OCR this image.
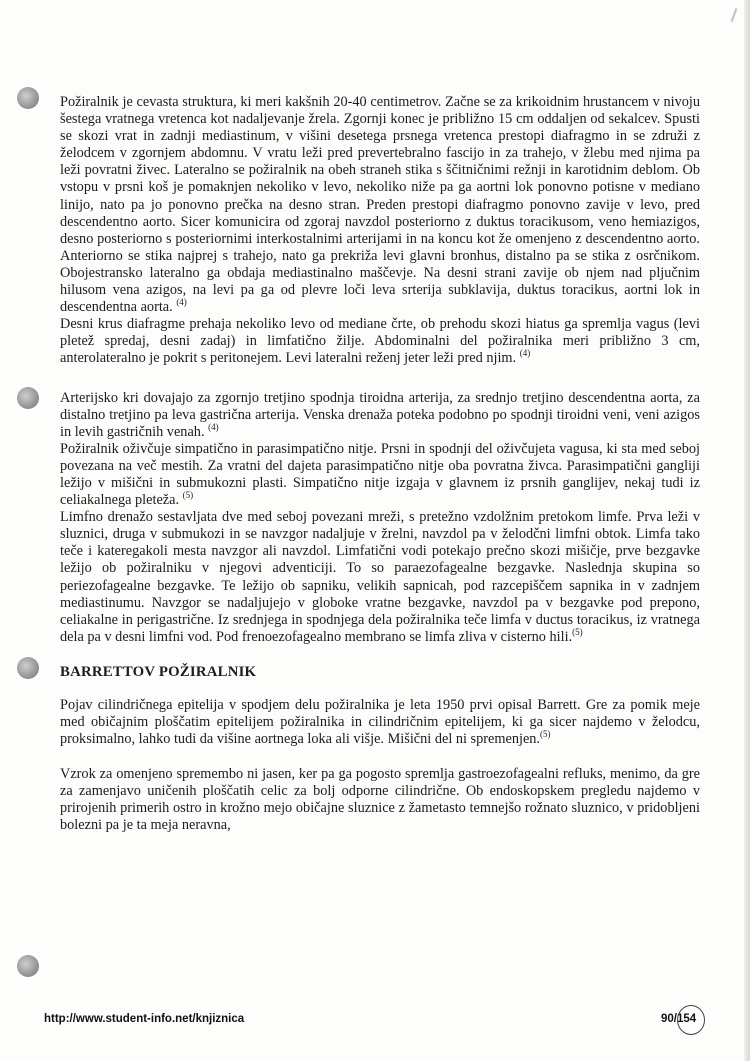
Požiralnik je cevasta struktura, ki meri kakšnih 20-40 centimetrov. Začne se za krikoidnim hrustancem v nivoju šestega vratnega vretenca kot nadaljevanje žrela. Zgornji konec je približno 15 cm oddaljen od sekalcev. Spusti se skozi vrat in zadnji mediastinum, v višini desetega prsnega vretenca prestopi diafragmo in se združi z želodcem v zgornjem abdomnu. V vratu leži pred prevertebralno fascijo in za trahejo, v žlebu med njima pa leži povratni živec. Lateralno se požiralnik na obeh straneh stika s ščitničnimi režnji in karotidnim deblom. Ob vstopu v prsni koš je pomaknjen nekoliko v levo, nekoliko niže pa ga aortni lok ponovno potisne v mediano linijo, nato pa jo ponovno prečka na desno stran. Preden prestopi diafragmo ponovno zavije v levo, pred descendentno aorto. Sicer komunicira od zgoraj navzdol posteriorno z duktus toracikusom, veno hemiazigos, desno posteriorno s posteriornimi interkostalnimi arterijami in na koncu kot že omenjeno z descendentno aorto. Anteriorno se stika najprej s trahejo, nato ga prekriža levi glavni bronhus, distalno pa se stika z osrčnikom. Obojestransko lateralno ga obdaja mediastinalno maščevje. Na desni strani zavije ob njem nad pljučnim hilusom vena azigos, na levi pa ga od plevre loči leva srterija subklavija, duktus toracikus, aortni lok in descendentna aorta. $^{(4)}$

Desni krus diafragme prehaja nekoliko levo od mediane črte, ob prehodu skozi hiatus ga spremlja vagus (levi pletež spredaj, desni zadaj) in limfatično žilje. Abdominalni del požiralnika meri približno 3 cm, anterolateralno je pokrit s peritonejem. Levi lateralni reženj jeter leži pred njim. $^{(4)}$

Arterijsko kri dovajajo za zgornjo tretjino spodnja tiroidna arterija, za srednjo tretjino descendentna aorta, za distalno tretjino pa leva gastrična arterija. Venska drenaža poteka podobno po spodnji tiroidni veni, veni azigos in levih gastričnih venah. $^{(4)}$

Požiralnik oživčuje simpatično in parasimpatično nitje. Prsni in spodnji del oživčujeta vagusa, ki sta med seboj povezana na več mestih. Za vratni del dajeta parasimpatično nitje oba povratna živca. Parasimpatični gangliji ležijo v mišični in submukozni plasti. Simpatično nitje izgaja v glavnem iz prsnih ganglijev, nekaj tudi iz celiakalnega pleteža. $^{(5)}$

Limfno drenažo sestavljata dve med seboj povezani mreži, s pretežno vzdolžnim pretokom limfe. Prva leži v sluznici, druga v submukozi in se navzgor nadaljuje v žrelni, navzdol pa v želodčni limfni obtok. Limfa tako teče i kateregakoli mesta navzgor ali navzdol. Limfatični vodi potekajo prečno skozi mišičje, prve bezgavke ležijo ob požiralniku v njegovi adventiciji. To so paraezofagealne bezgavke. Naslednja skupina so periezofagealne bezgavke. Te ležijo ob sapniku, velikih sapnicah, pod razcepiščem sapnika in v zadnjem mediastinumu. Navzgor se nadaljujejo v globoke vratne bezgavke, navzdol pa v bezgavke pod prepono, celiakalne in perigastrične. Iz srednjega in spodnjega dela požiralnika teče limfa v ductus toracikus, iz vratnega dela pa v desni limfni vod. Pod frenoezofagealno membrano se limfa zliva v cisterno hili.$^{(5)}$

BARRETTOV POŽIRALNIK

Pojav cilindričnega epitelija v spodjem delu požiralnika je leta 1950 prvi opisal Barrett. Gre za pomik meje med običajnim ploščatim epitelijem požiralnika in cilindričnim epitelijem, ki ga sicer najdemo v želodcu, proksimalno, lahko tudi da višine aortnega loka ali višje. Mišični del ni spremenjen.$^{(5)}$

Vzrok za omenjeno spremembo ni jasen, ker pa ga pogosto spremlja gastroezofagealni refluks, menimo, da gre za zamenjavo uničenih ploščatih celic za bolj odporne cilindrične. Ob endoskopskem pregledu najdemo v prirojenih primerih ostro in krožno mejo običajne sluznice z žametasto temnejšo rožnato sluznico, v pridobljeni bolezni pa je ta meja neravna,

http://www.student-info.net/knjiznica	90/154
